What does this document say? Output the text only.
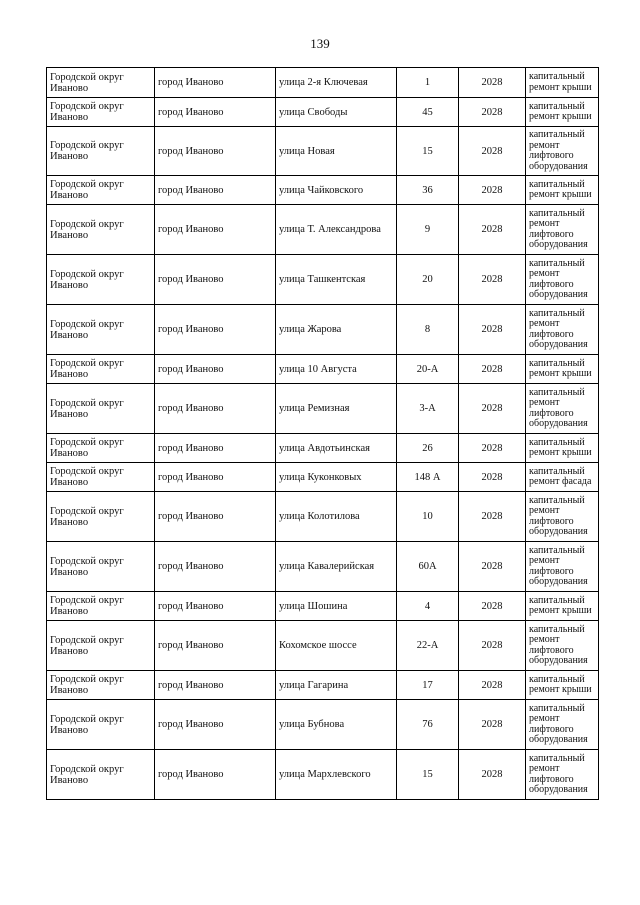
139
Городской округ Иваново	город Иваново	улица 2-я Ключевая	1	2028	капитальный ремонт крыши
Городской округ Иваново	город Иваново	улица Свободы	45	2028	капитальный ремонт крыши
Городской округ Иваново	город Иваново	улица Новая	15	2028	капитальный ремонт лифтового оборудования
Городской округ Иваново	город Иваново	улица Чайковского	36	2028	капитальный ремонт крыши
Городской округ Иваново	город Иваново	улица Т. Александрова	9	2028	капитальный ремонт лифтового оборудования
Городской округ Иваново	город Иваново	улица Ташкентская	20	2028	капитальный ремонт лифтового оборудования
Городской округ Иваново	город Иваново	улица Жарова	8	2028	капитальный ремонт лифтового оборудования
Городской округ Иваново	город Иваново	улица 10 Августа	20-А	2028	капитальный ремонт крыши
Городской округ Иваново	город Иваново	улица Ремизная	3-А	2028	капитальный ремонт лифтового оборудования
Городской округ Иваново	город Иваново	улица Авдотьинская	26	2028	капитальный ремонт крыши
Городской округ Иваново	город Иваново	улица Куконковых	148 А	2028	капитальный ремонт фасада
Городской округ Иваново	город Иваново	улица Колотилова	10	2028	капитальный ремонт лифтового оборудования
Городской округ Иваново	город Иваново	улица Кавалерийская	60А	2028	капитальный ремонт лифтового оборудования
Городской округ Иваново	город Иваново	улица Шошина	4	2028	капитальный ремонт крыши
Городской округ Иваново	город Иваново	Кохомское шоссе	22-А	2028	капитальный ремонт лифтового оборудования
Городской округ Иваново	город Иваново	улица Гагарина	17	2028	капитальный ремонт крыши
Городской округ Иваново	город Иваново	улица Бубнова	76	2028	капитальный ремонт лифтового оборудования
Городской округ Иваново	город Иваново	улица Мархлевского	15	2028	капитальный ремонт лифтового оборудования
